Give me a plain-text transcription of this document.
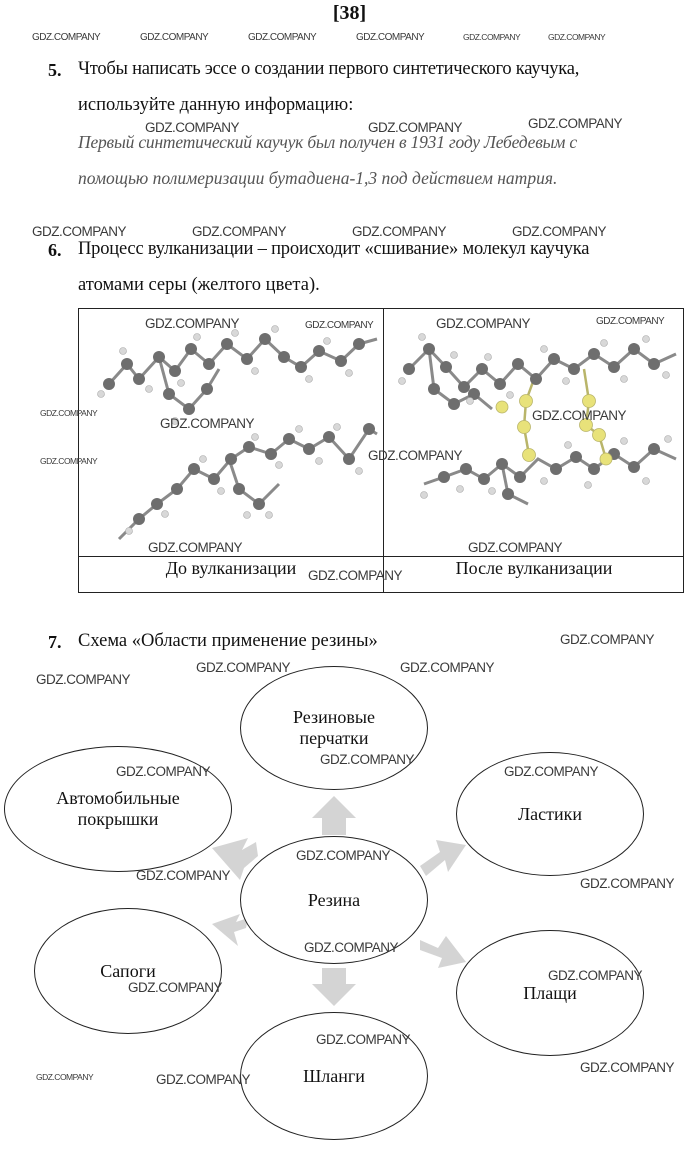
[38]
5. Чтобы написать эссе о создании первого синтетического каучука,
используйте данную информацию:
Первый синтетический каучук был получен в 1931 году Лебедевым с
помощью полимеризации бутадиена-1,3 под действием натрия.
6. Процесс вулканизации – происходит «сшивание» молекул каучука
атомами серы (желтого цвета).
До вулканизации	После вулканизации
7. Схема «Области применение резины»
Резиновые
перчатки
Автомобильные
покрышки	Ластики
Резина
Сапоги
Плащи
Шланги
GDZ.COMPANY	GDZ.COMPANY	GDZ.COMPANY	GDZ.COMPANY	GDZ.COMPANY	GDZ.COMPANY
GDZ.COMPANY	GDZ.COMPANY	GDZ.COMPANY
GDZ.COMPANY	GDZ.COMPANY	GDZ.COMPANY	GDZ.COMPANY
GDZ.COMPANY	GDZ.COMPANY	GDZ.COMPANY	GDZ.COMPANY
GDZ.COMPANY	GDZ.COMPANY
GDZ.COMPANY
GDZ.COMPANY
GDZ.COMPANY
GDZ.COMPANY	GDZ.COMPANY
GDZ.COMPANY
GDZ.COMPANY
GDZ.COMPANY	GDZ.COMPANY
GDZ.COMPANY
GDZ.COMPANY
GDZ.COMPANY	GDZ.COMPANY
GDZ.COMPANY
GDZ.COMPANY
GDZ.COMPANY
GDZ.COMPANY
GDZ.COMPANY
GDZ.COMPANY
GDZ.COMPANY
GDZ.COMPANY
GDZ.COMPANY	GDZ.COMPANY
